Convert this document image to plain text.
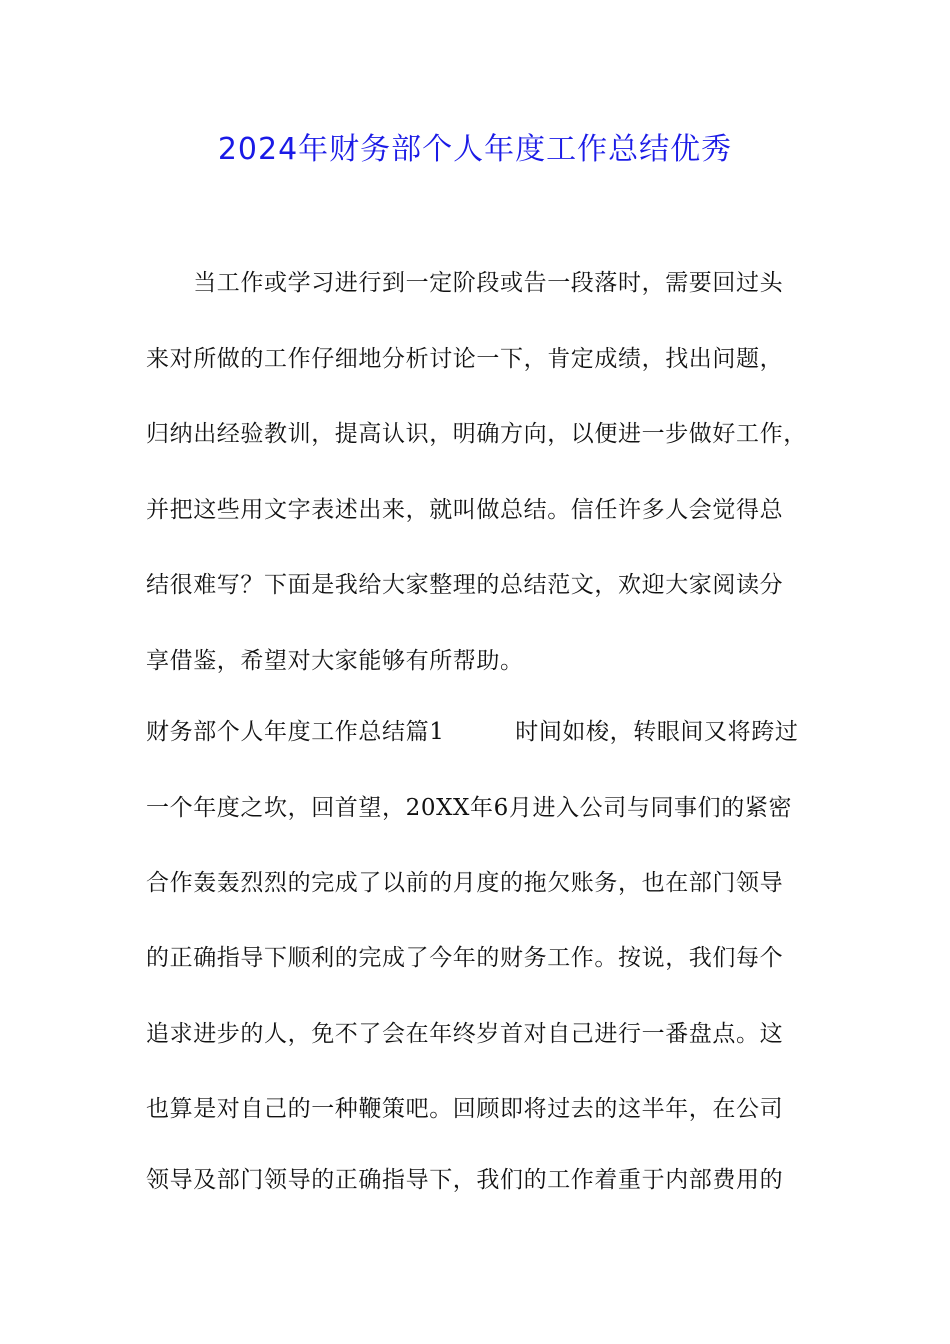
2024年财务部个人年度工作总结优秀
　　当工作或学习进行到一定阶段或告一段落时，需要回过头
来对所做的工作仔细地分析讨论一下，肯定成绩，找出问题，
归纳出经验教训，提高认识，明确方向，以便进一步做好工作，
并把这些用文字表述出来，就叫做总结。信任许多人会觉得总
结很难写？下面是我给大家整理的总结范文，欢迎大家阅读分
享借鉴，希望对大家能够有所帮助。
财务部个人年度工作总结篇1　　　时间如梭，转眼间又将跨过
一个年度之坎，回首望，20XX年6月进入公司与同事们的紧密
合作轰轰烈烈的完成了以前的月度的拖欠账务，也在部门领导
的正确指导下顺利的完成了今年的财务工作。按说，我们每个
追求进步的人，免不了会在年终岁首对自己进行一番盘点。这
也算是对自己的一种鞭策吧。回顾即将过去的这半年，在公司
领导及部门领导的正确指导下，我们的工作着重于内部费用的
